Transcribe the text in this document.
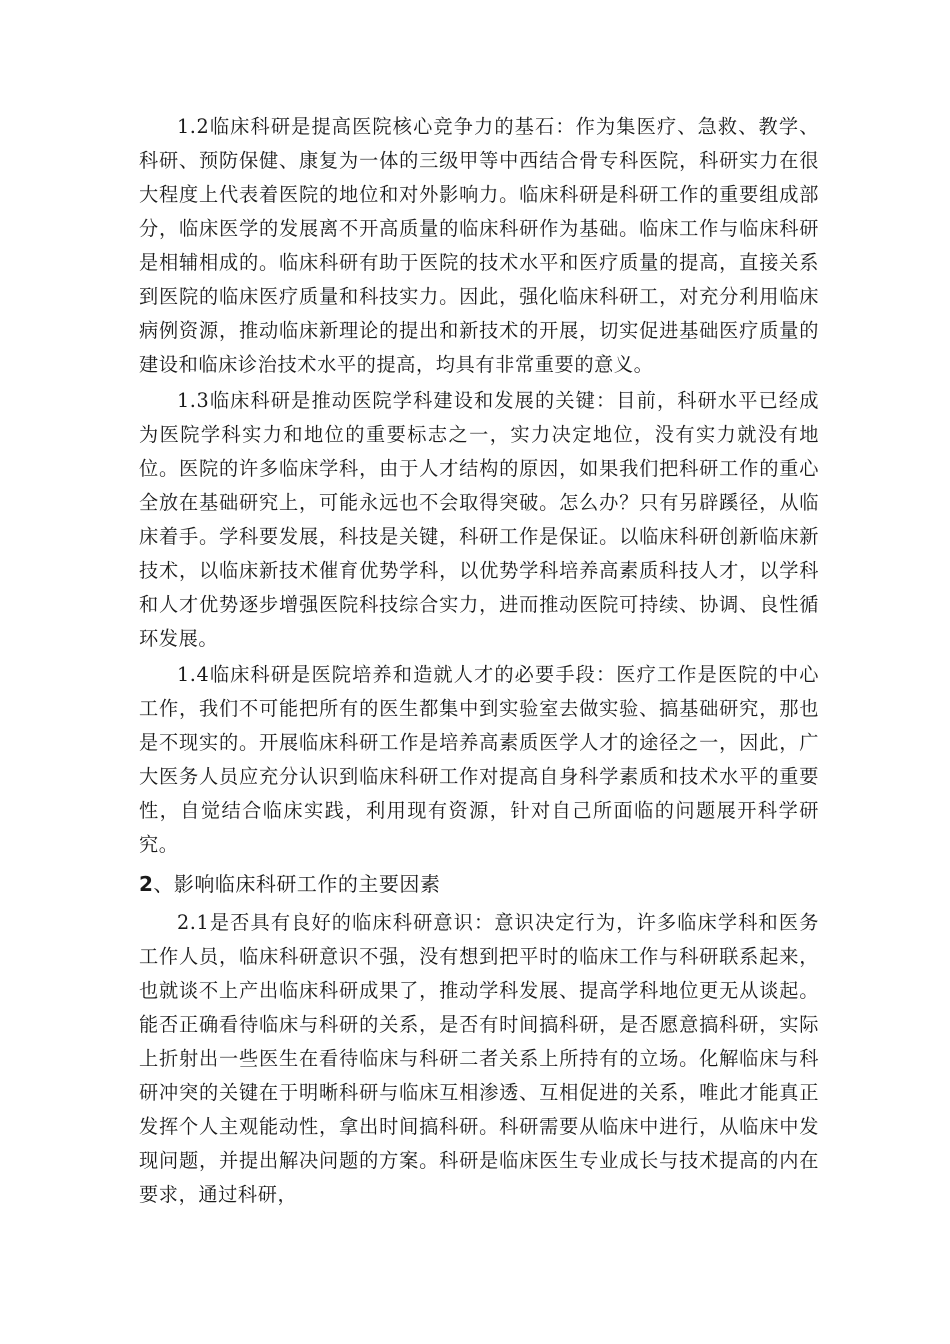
1.2临床科研是提高医院核心竞争力的基石：作为集医疗、急救、教学、科研、预防保健、康复为一体的三级甲等中西结合骨专科医院，科研实力在很大程度上代表着医院的地位和对外影响力。临床科研是科研工作的重要组成部分，临床医学的发展离不开高质量的临床科研作为基础。临床工作与临床科研是相辅相成的。临床科研有助于医院的技术水平和医疗质量的提高，直接关系到医院的临床医疗质量和科技实力。因此，强化临床科研工，对充分利用临床病例资源，推动临床新理论的提出和新技术的开展，切实促进基础医疗质量的建设和临床诊治技术水平的提高，均具有非常重要的意义。

1.3临床科研是推动医院学科建设和发展的关键：目前，科研水平已经成为医院学科实力和地位的重要标志之一，实力决定地位，没有实力就没有地位。医院的许多临床学科，由于人才结构的原因，如果我们把科研工作的重心全放在基础研究上，可能永远也不会取得突破。怎么办？只有另辟蹊径，从临床着手。学科要发展，科技是关键，科研工作是保证。以临床科研创新临床新技术，以临床新技术催育优势学科，以优势学科培养高素质科技人才，以学科和人才优势逐步增强医院科技综合实力，进而推动医院可持续、协调、良性循环发展。

1.4临床科研是医院培养和造就人才的必要手段：医疗工作是医院的中心工作，我们不可能把所有的医生都集中到实验室去做实验、搞基础研究，那也是不现实的。开展临床科研工作是培养高素质医学人才的途径之一，因此，广大医务人员应充分认识到临床科研工作对提高自身科学素质和技术水平的重要性，自觉结合临床实践，利用现有资源，针对自己所面临的问题展开科学研究。

2、影响临床科研工作的主要因素

2.1是否具有良好的临床科研意识：意识决定行为，许多临床学科和医务工作人员，临床科研意识不强，没有想到把平时的临床工作与科研联系起来，也就谈不上产出临床科研成果了，推动学科发展、提高学科地位更无从谈起。能否正确看待临床与科研的关系，是否有时间搞科研，是否愿意搞科研，实际上折射出一些医生在看待临床与科研二者关系上所持有的立场。化解临床与科研冲突的关键在于明晰科研与临床互相渗透、互相促进的关系，唯此才能真正发挥个人主观能动性，拿出时间搞科研。科研需要从临床中进行，从临床中发现问题，并提出解决问题的方案。科研是临床医生专业成长与技术提高的内在要求，通过科研，
